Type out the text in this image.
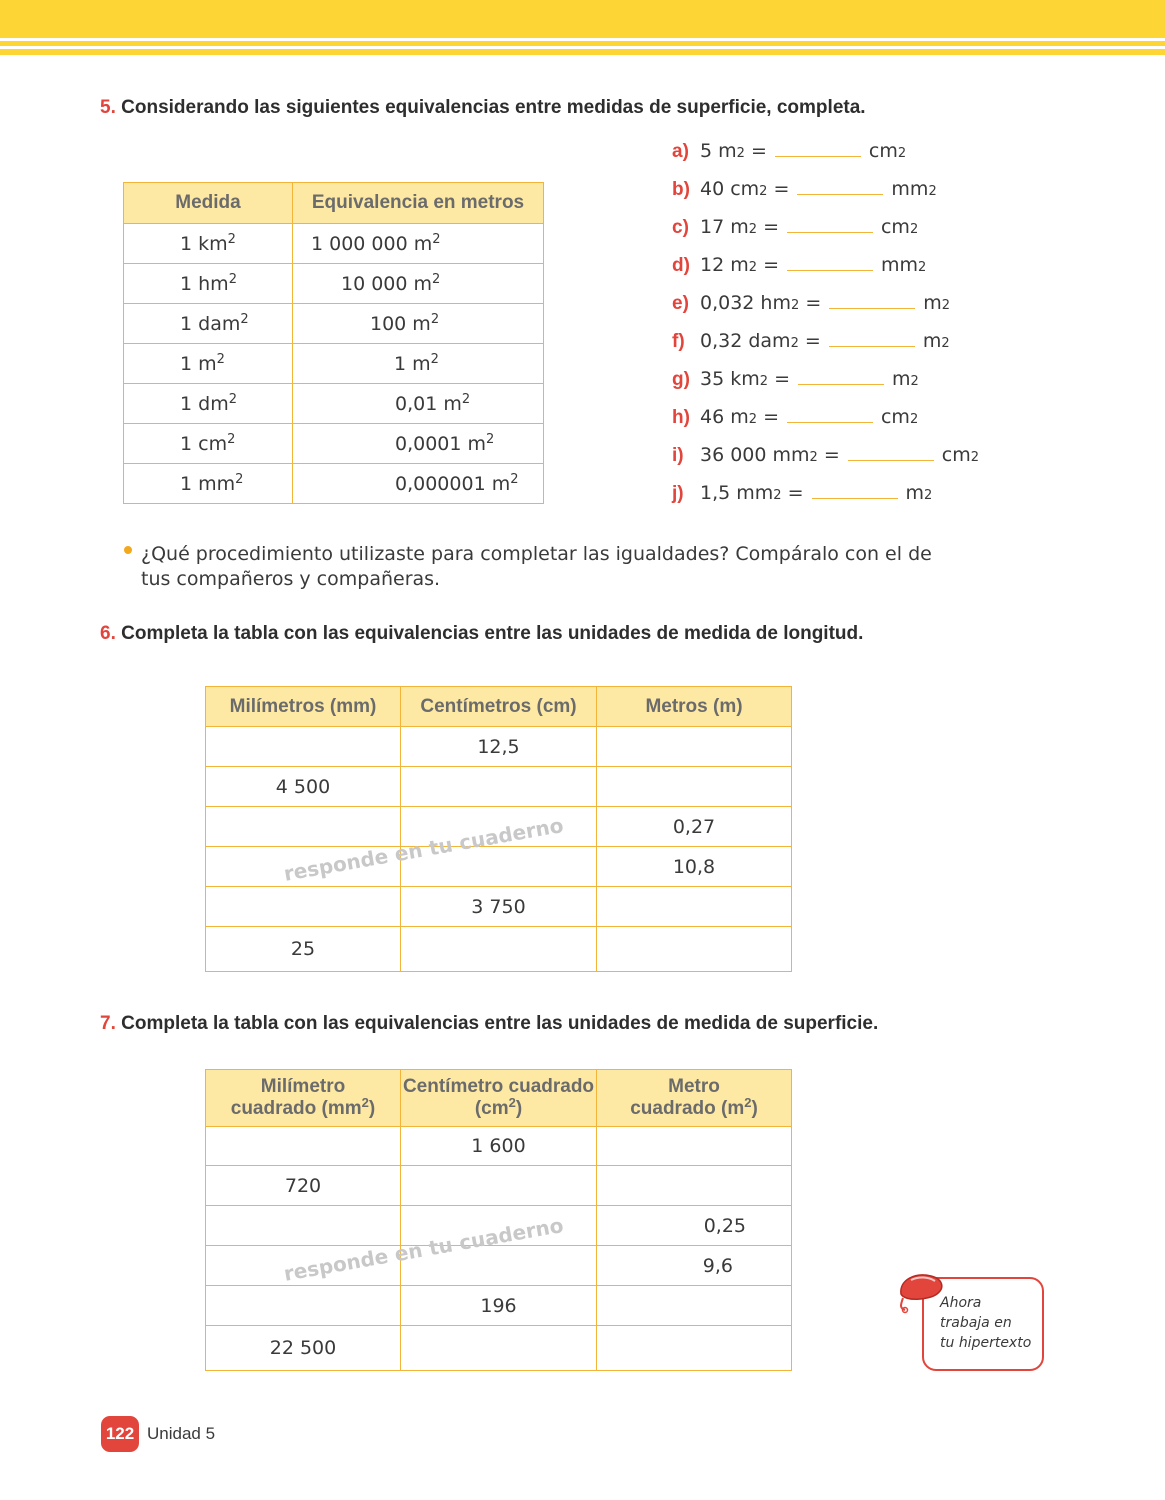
5. Considerando las siguientes equivalencias entre medidas de superficie, completa.
Medida	Equivalencia en metros
1 $km^2$	1 000 000 $m^2$
1 $hm^2$	10 000 $m^2$
1 dam$^2$	100 $m^2$
1 $m^2$	1 $m^2$
1 $dm^2$	0,01 $m^2$
1 $cm^2$	0,0001 $m^2$
1 $mm^2$	0,000001 $m^2$
a) 5 m 2
=	cm 2
b) 40 cm 2
=	mm 2
c) 17 m 2
=	cm 2
d) 12 m 2
=	mm 2
e) 0,032 hm 2
=	m 2
f) 0,32 dam 2
=	m 2
g) 35 km 2
=	m 2
h) 46 m 2
=	cm 2
i) 36 000 mm 2
=	cm 2
j) 1,5 mm 2
=	m 2
¿Qué procedimiento utilizaste para completar las igualdades? Compáralo con el de tus compañeros y compañeras.
6. Completa la tabla con las equivalencias entre las unidades de medida de longitud.
Milímetros (mm)	Centímetros (cm)	Metros (m)
	12,5	
4 500		
		0,27
		10,8
	3 750	
25		
responde en tu cuaderno
7. Completa la tabla con las equivalencias entre las unidades de medida de superficie.
Milímetro
cuadrado $(mm^2)$	Centímetro cuadrado
$(cm^2)$	Metro
cuadrado $(m^2)$
	1 600	
720		
		0,25
		9,6
	196	
22 500		
responde en tu cuaderno
Ahora
trabaja en
tu hipertexto
122 Unidad 5
